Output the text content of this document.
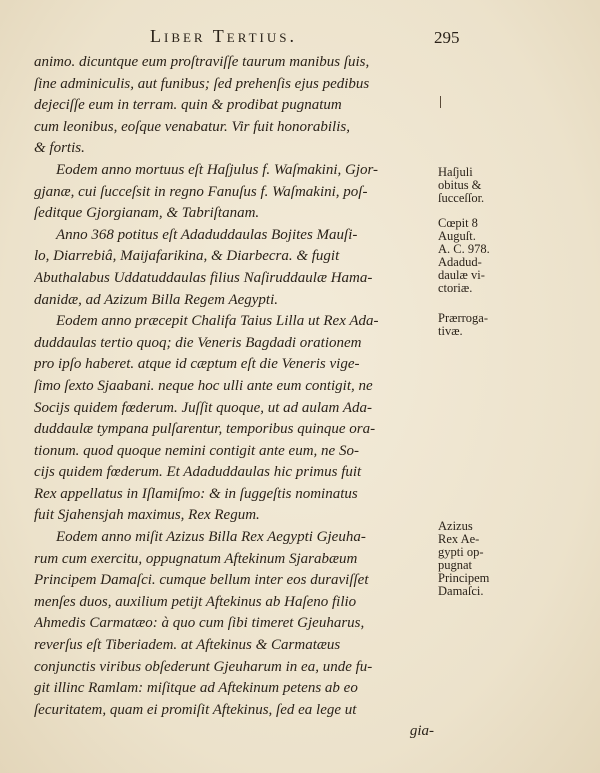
Liber Tertius.	295
animo. dicuntque eum proſtraviſſe taurum manibus ſuis,
ſine adminiculis, aut funibus; ſed prehenſis ejus pedibus
dejeciſſe eum in terram. quin & prodibat pugnatum
cum leonibus, eoſque venabatur. Vir fuit honorabilis,
& fortis.
Eodem anno mortuus eſt Haſjulus f. Waſmakini, Gjor-
gjanæ, cui ſucceſsit in regno Fanuſus f. Waſmakini, poſ-
ſeditque Gjorgianam, & Tabriſtanam.
Anno 368 potitus eſt Adaduddaulas Bojites Mauſi-
lo, Diarrebiâ, Maijafarikina, & Diarbecra. & fugit
Abuthalabus Uddatuddaulas filius Naſiruddaulæ Hama-
danidæ, ad Azizum Billa Regem Aegypti.
Eodem anno præcepit Chalifa Taius Lilla ut Rex Ada-
duddaulas tertio quoq; die Veneris Bagdadi orationem
pro ipſo haberet. atque id cæptum eſt die Veneris vige-
ſimo ſexto Sjaabani. neque hoc ulli ante eum contigit, ne
Socijs quidem fœderum. Juſſit quoque, ut ad aulam Ada-
duddaulæ tympana pulſarentur, temporibus quinque ora-
tionum. quod quoque nemini contigit ante eum, ne So-
cijs quidem fœderum. Et Adaduddaulas hic primus fuit
Rex appellatus in Iſlamiſmo: & in ſuggeſtis nominatus
fuit Sjahensjah maximus, Rex Regum.
Eodem anno miſit Azizus Billa Rex Aegypti Gjeuha-
rum cum exercitu, oppugnatum Aftekinum Sjarabæum
Principem Damaſci. cumque bellum inter eos duraviſſet
menſes duos, auxilium petijt Aftekinus ab Haſeno filio
Ahmedis Carmatæo: à quo cum ſibi timeret Gjeuharus,
reverſus eſt Tiberiadem. at Aftekinus & Carmatæus
conjunctis viribus obſederunt Gjeuharum in ea, unde fu-
git illinc Ramlam: miſitque ad Aftekinum petens ab eo
ſecuritatem, quam ei promiſit Aftekinus, ſed ea lege ut
gia-
Haſjuli
obitus &
ſucceſſor.
Cœpit 8
Auguſt.
A. C. 978.
Adadud-
daulæ vi-
ctoriæ.
Prærroga-
tivæ.
Azizus
Rex Ae-
gypti op-
pugnat
Principem
Damaſci.
